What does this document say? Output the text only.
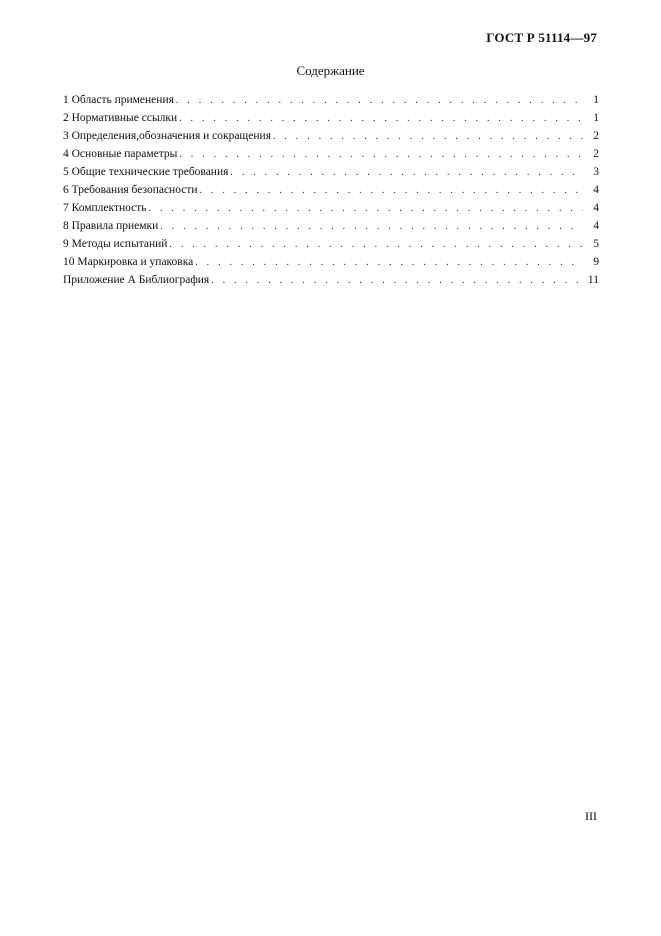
ГОСТ Р 51114—97
Содержание
1 Область применения . . .	1
2 Нормативные ссылки . . .	1
3 Определения,обозначения и сокращения . . .	2
4 Основные параметры . . .	2
5 Общие технические требования . . .	3
6 Требования безопасности . . .	4
7 Комплектность . . .	4
8 Правила приемки . . .	4
9 Методы испытаний . . .	5
10 Маркировка и упаковка . . .	9
Приложение А Библиография . . .	11
III
